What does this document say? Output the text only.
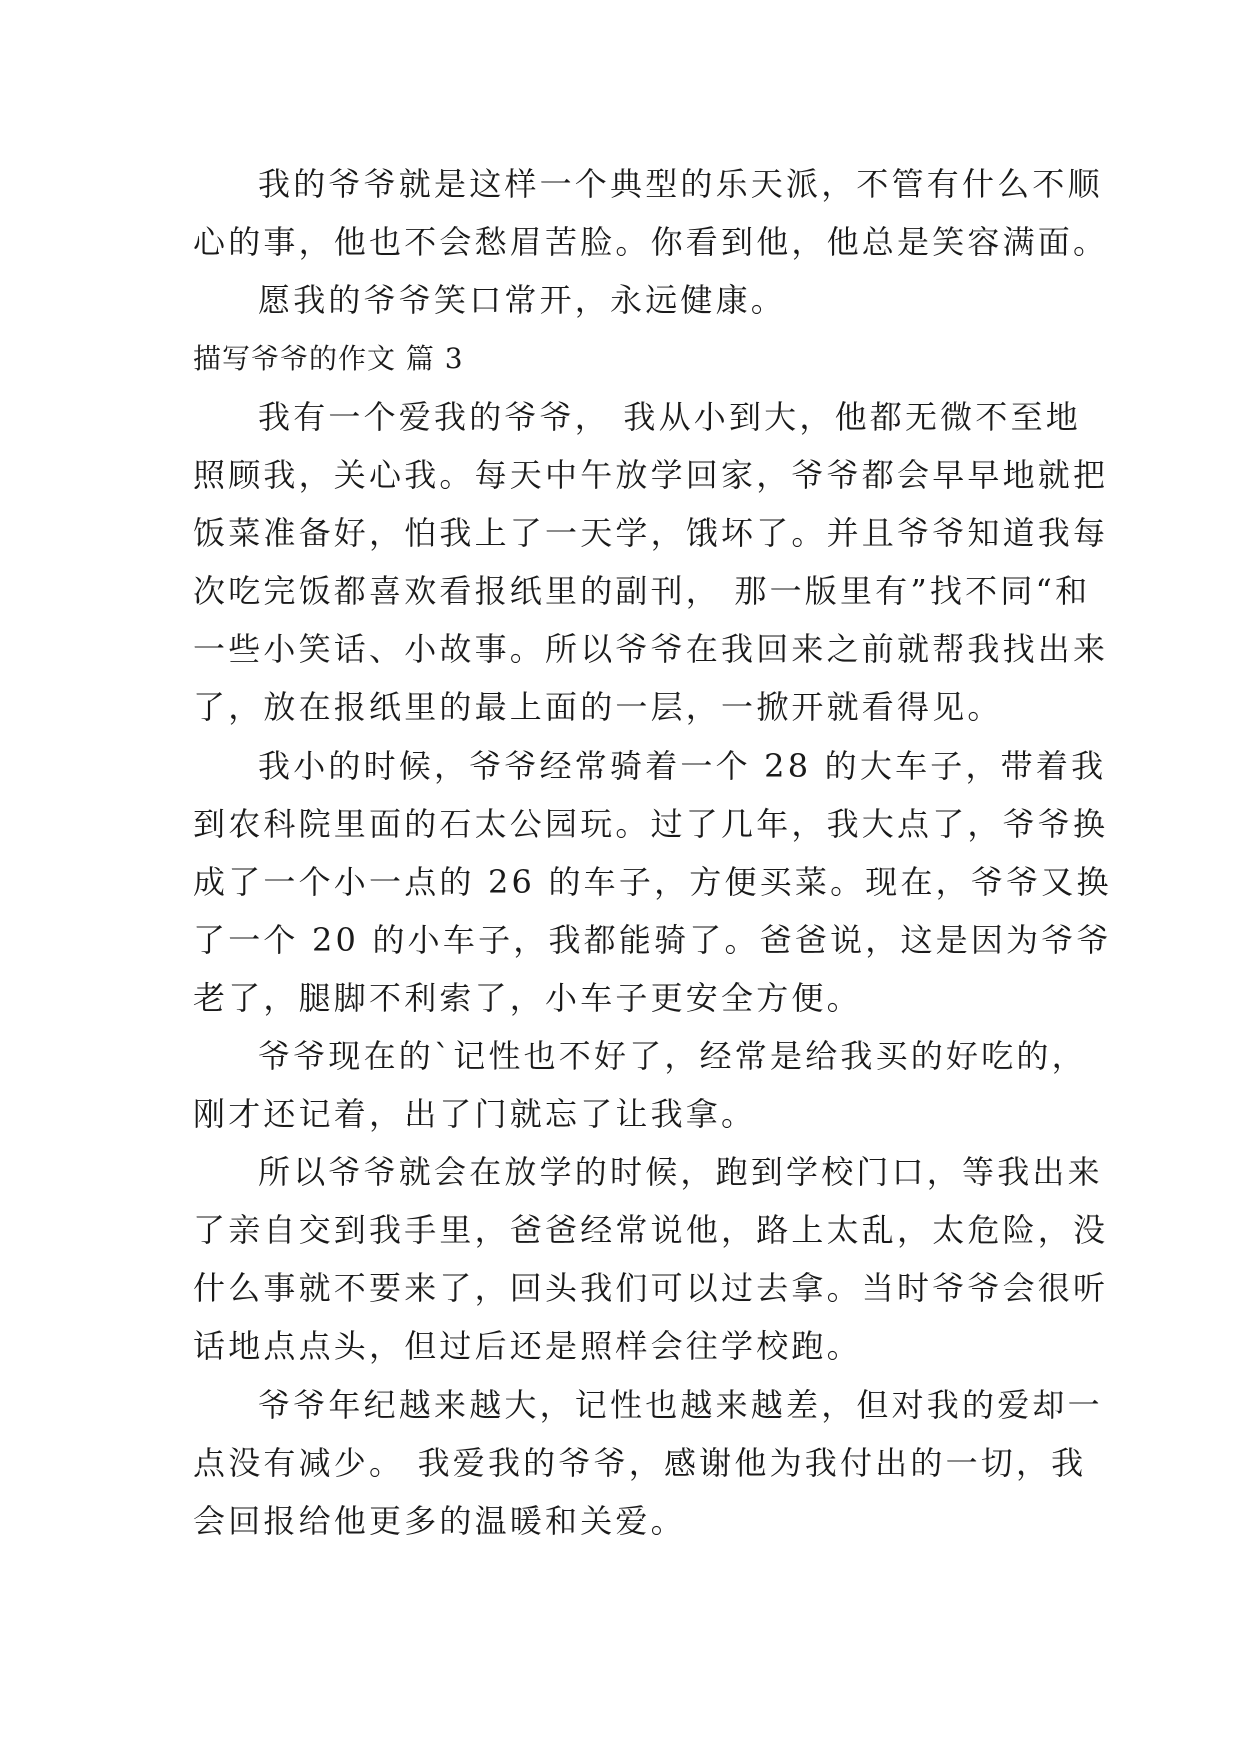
我的爷爷就是这样一个典型的乐天派，不管有什么不顺
心的事，他也不会愁眉苦脸。你看到他，他总是笑容满面。
愿我的爷爷笑口常开，永远健康。
描写爷爷的作文 篇 3
我有一个爱我的爷爷， 我从小到大，他都无微不至地
照顾我，关心我。每天中午放学回家，爷爷都会早早地就把
饭菜准备好，怕我上了一天学，饿坏了。并且爷爷知道我每
次吃完饭都喜欢看报纸里的副刊， 那一版里有”找不同“和
一些小笑话、小故事。所以爷爷在我回来之前就帮我找出来
了，放在报纸里的最上面的一层，一掀开就看得见。
我小的时候，爷爷经常骑着一个 28 的大车子，带着我
到农科院里面的石太公园玩。过了几年，我大点了，爷爷换
成了一个小一点的 26 的车子，方便买菜。现在，爷爷又换
了一个 20 的小车子，我都能骑了。爸爸说，这是因为爷爷
老了，腿脚不利索了，小车子更安全方便。
爷爷现在的`记性也不好了，经常是给我买的好吃的，
刚才还记着，出了门就忘了让我拿。
所以爷爷就会在放学的时候，跑到学校门口，等我出来
了亲自交到我手里，爸爸经常说他，路上太乱，太危险，没
什么事就不要来了，回头我们可以过去拿。当时爷爷会很听
话地点点头，但过后还是照样会往学校跑。
爷爷年纪越来越大，记性也越来越差，但对我的爱却一
点没有减少。 我爱我的爷爷，感谢他为我付出的一切，我
会回报给他更多的温暖和关爱。
